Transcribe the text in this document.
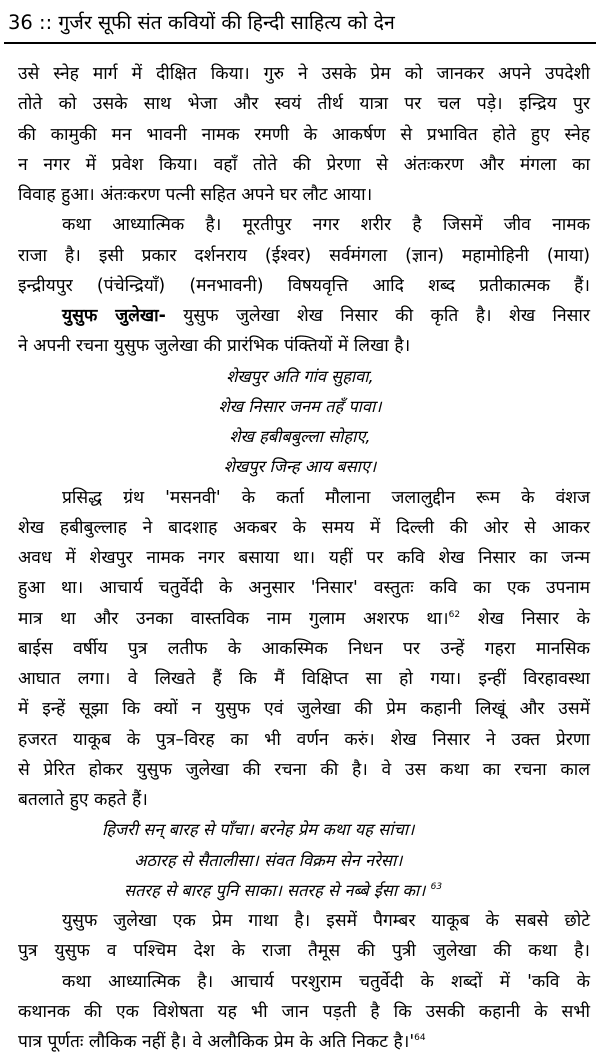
36 :: गुर्जर सूफी संत कवियों की हिन्दी साहित्य को देन
उसे स्नेह मार्ग में दीक्षित किया। गुरु ने उसके प्रेम को जानकर अपने उपदेशी
तोते को उसके साथ भेजा और स्वयं तीर्थ यात्रा पर चल पड़े। इन्द्रिय पुर
की कामुकी मन भावनी नामक रमणी के आकर्षण से प्रभावित होते हुए स्नेह
न नगर में प्रवेश किया। वहाँ तोते की प्रेरणा से अंतःकरण और मंगला का
विवाह हुआ। अंतःकरण पत्नी सहित अपने घर लौट आया।
कथा आध्यात्मिक है। मूरतीपुर नगर शरीर है जिसमें जीव नामक
राजा है। इसी प्रकार दर्शनराय (ईश्वर) सर्वमंगला (ज्ञान) महामोहिनी (माया)
इन्द्रीयपुर (पंचेन्द्रियाँ) (मनभावनी) विषयवृत्ति आदि शब्द प्रतीकात्मक हैं।
युसुफ जुलेखा- युसुफ जुलेखा शेख निसार की कृति है। शेख निसार
ने अपनी रचना युसुफ जुलेखा की प्रारंभिक पंक्तियों में लिखा है।
शेखपुर अति गांव सुहावा,
शेख निसार जनम तहँ पावा।
शेख हबीबबुल्ला सोहाए,
शेखपुर जिन्ह आय बसाए।
प्रसिद्ध ग्रंथ 'मसनवी' के कर्ता मौलाना जलालुद्दीन रूम के वंशज
शेख हबीबुल्लाह ने बादशाह अकबर के समय में दिल्ली की ओर से आकर
अवध में शेखपुर नामक नगर बसाया था। यहीं पर कवि शेख निसार का जन्म
हुआ था। आचार्य चतुर्वेदी के अनुसार 'निसार' वस्तुतः कवि का एक उपनाम
मात्र था और उनका वास्तविक नाम गुलाम अशरफ था।$^{62}$ शेख निसार के
बाईस वर्षीय पुत्र लतीफ के आकस्मिक निधन पर उन्हें गहरा मानसिक
आघात लगा। वे लिखते हैं कि मैं विक्षिप्त सा हो गया। इन्हीं विरहावस्था
में इन्हें सूझा कि क्यों न युसुफ एवं जुलेखा की प्रेम कहानी लिखूं और उसमें
हजरत याकूब के पुत्र–विरह का भी वर्णन करुं। शेख निसार ने उक्त प्रेरणा
से प्रेरित होकर युसुफ जुलेखा की रचना की है। वे उस कथा का रचना काल
बतलाते हुए कहते हैं।
हिजरी सन् बारह से पाँचा। बरनेह प्रेम कथा यह सांचा।
अठारह से सैतालीसा। संवत विक्रम सेन नरेसा।
सतरह से बारह पुनि साका। सतरह से नब्बे ईसा का। $^{63}$
युसुफ जुलेखा एक प्रेम गाथा है। इसमें पैगम्बर याकूब के सबसे छोटे
पुत्र युसुफ व पश्चिम देश के राजा तैमूस की पुत्री जुलेखा की कथा है।
कथा आध्यात्मिक है। आचार्य परशुराम चतुर्वेदी के शब्दों में 'कवि के
कथानक की एक विशेषता यह भी जान पड़ती है कि उसकी कहानी के सभी
पात्र पूर्णतः लौकिक नहीं है। वे अलौकिक प्रेम के अति निकट $है।'^{64}$
